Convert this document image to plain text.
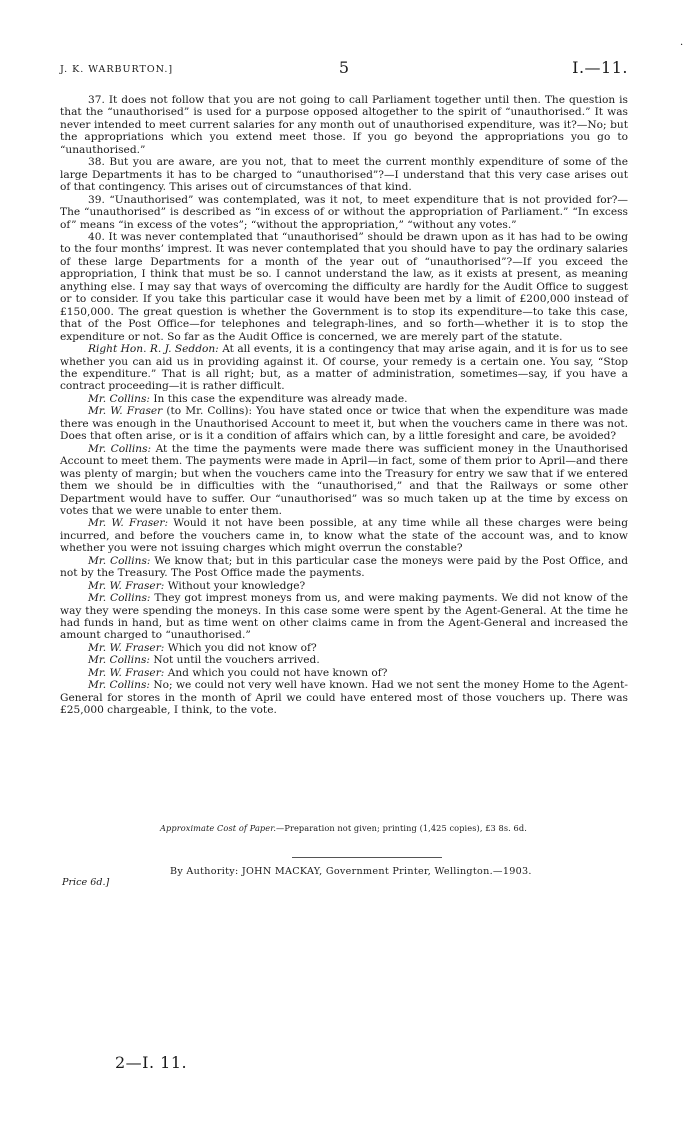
J. K. WARBURTON.]	5	I.—11.
·

37. It does not follow that you are not going to call Parliament together until then. The question is that the “unauthorised” is used for a purpose opposed altogether to the spirit of “unauthorised.” It was never intended to meet current salaries for any month out of unauthorised expenditure, was it?—No; but the appropriations which you extend meet those. If you go beyond the appropriations you go to “unauthorised.”

38. But you are aware, are you not, that to meet the current monthly expenditure of some of the large Departments it has to be charged to “unauthorised”?—I understand that this very case arises out of that contingency. This arises out of circumstances of that kind.

39. “Unauthorised” was contemplated, was it not, to meet expenditure that is not provided for?—The “unauthorised” is described as “in excess of or without the appropriation of Parliament.” “In excess of” means “in excess of the votes”; “without the appropriation,” “without any votes.”

40. It was never contemplated that “unauthorised” should be drawn upon as it has had to be owing to the four months’ imprest. It was never contemplated that you should have to pay the ordinary salaries of these large Departments for a month of the year out of “unauthorised”?—If you exceed the appropriation, I think that must be so. I cannot understand the law, as it exists at present, as meaning anything else. I may say that ways of overcoming the difficulty are hardly for the Audit Office to suggest or to consider. If you take this particular case it would have been met by a limit of £200,000 instead of £150,000. The great question is whether the Government is to stop its expenditure—to take this case, that of the Post Office—for telephones and telegraph-lines, and so forth—whether it is to stop the expenditure or not. So far as the Audit Office is concerned, we are merely part of the statute.

Right Hon. R. J. Seddon: At all events, it is a contingency that may arise again, and it is for us to see whether you can aid us in providing against it. Of course, your remedy is a certain one. You say, “Stop the expenditure.” That is all right; but, as a matter of administration, sometimes—say, if you have a contract proceeding—it is rather difficult.

Mr. Collins: In this case the expenditure was already made.

Mr. W. Fraser (to Mr. Collins): You have stated once or twice that when the expenditure was made there was enough in the Unauthorised Account to meet it, but when the vouchers came in there was not. Does that often arise, or is it a condition of affairs which can, by a little foresight and care, be avoided?

Mr. Collins: At the time the payments were made there was sufficient money in the Unauthorised Account to meet them. The payments were made in April—in fact, some of them prior to April—and there was plenty of margin; but when the vouchers came into the Treasury for entry we saw that if we entered them we should be in difficulties with the “unauthorised,” and that the Railways or some other Department would have to suffer. Our “unauthorised” was so much taken up at the time by excess on votes that we were unable to enter them.

Mr. W. Fraser: Would it not have been possible, at any time while all these charges were being incurred, and before the vouchers came in, to know what the state of the account was, and to know whether you were not issuing charges which might overrun the constable?

Mr. Collins: We know that; but in this particular case the moneys were paid by the Post Office, and not by the Treasury. The Post Office made the payments.

Mr. W. Fraser: Without your knowledge?

Mr. Collins: They got imprest moneys from us, and were making payments. We did not know of the way they were spending the moneys. In this case some were spent by the Agent-General. At the time he had funds in hand, but as time went on other claims came in from the Agent-General and increased the amount charged to “unauthorised.”

Mr. W. Fraser: Which you did not know of?

Mr. Collins: Not until the vouchers arrived.

Mr. W. Fraser: And which you could not have known of?

Mr. Collins: No; we could not very well have known. Had we not sent the money Home to the Agent-General for stores in the month of April we could have entered most of those vouchers up. There was £25,000 chargeable, I think, to the vote.

Approximate Cost of Paper.—Preparation not given; printing (1,425 copies), £3 8s. 6d.
By Authority: JOHN MACKAY, Government Printer, Wellington.—1903.
Price 6d.]
2—I. 11.
